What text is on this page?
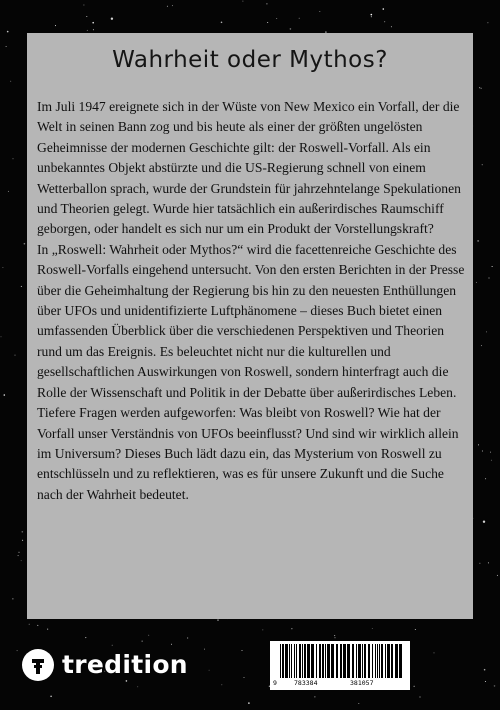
Wahrheit oder Mythos?

Im Juli 1947 ereignete sich in der Wüste von New Mexico ein Vorfall, der die Welt in seinen Bann zog und bis heute als einer der größten ungelösten Geheimnisse der modernen Geschichte gilt: der Roswell-Vorfall. Als ein unbekanntes Objekt abstürzte und die US-Regierung schnell von einem Wetterballon sprach, wurde der Grundstein für jahrzehntelange Spekulationen und Theorien gelegt. Wurde hier tatsächlich ein außerirdisches Raumschiff geborgen, oder handelt es sich nur um ein Produkt der Vorstellungskraft?

In „Roswell: Wahrheit oder Mythos?“ wird die facettenreiche Geschichte des Roswell-Vorfalls eingehend untersucht. Von den ersten Berichten in der Presse über die Geheimhaltung der Regierung bis hin zu den neuesten Enthüllungen über UFOs und unidentifizierte Luftphänomene – dieses Buch bietet einen umfassenden Überblick über die verschiedenen Perspektiven und Theorien rund um das Ereignis. Es beleuchtet nicht nur die kulturellen und gesellschaftlichen Auswirkungen von Roswell, sondern hinterfragt auch die Rolle der Wissenschaft und Politik in der Debatte über außerirdisches Leben.

Tiefere Fragen werden aufgeworfen: Was bleibt von Roswell? Wie hat der Vorfall unser Verständnis von UFOs beeinflusst? Und sind wir wirklich allein im Universum? Dieses Buch lädt dazu ein, das Mysterium von Roswell zu entschlüsseln und zu reflektieren, was es für unsere Zukunft und die Suche nach der Wahrheit bedeutet.

tredition
9	783384	381057
